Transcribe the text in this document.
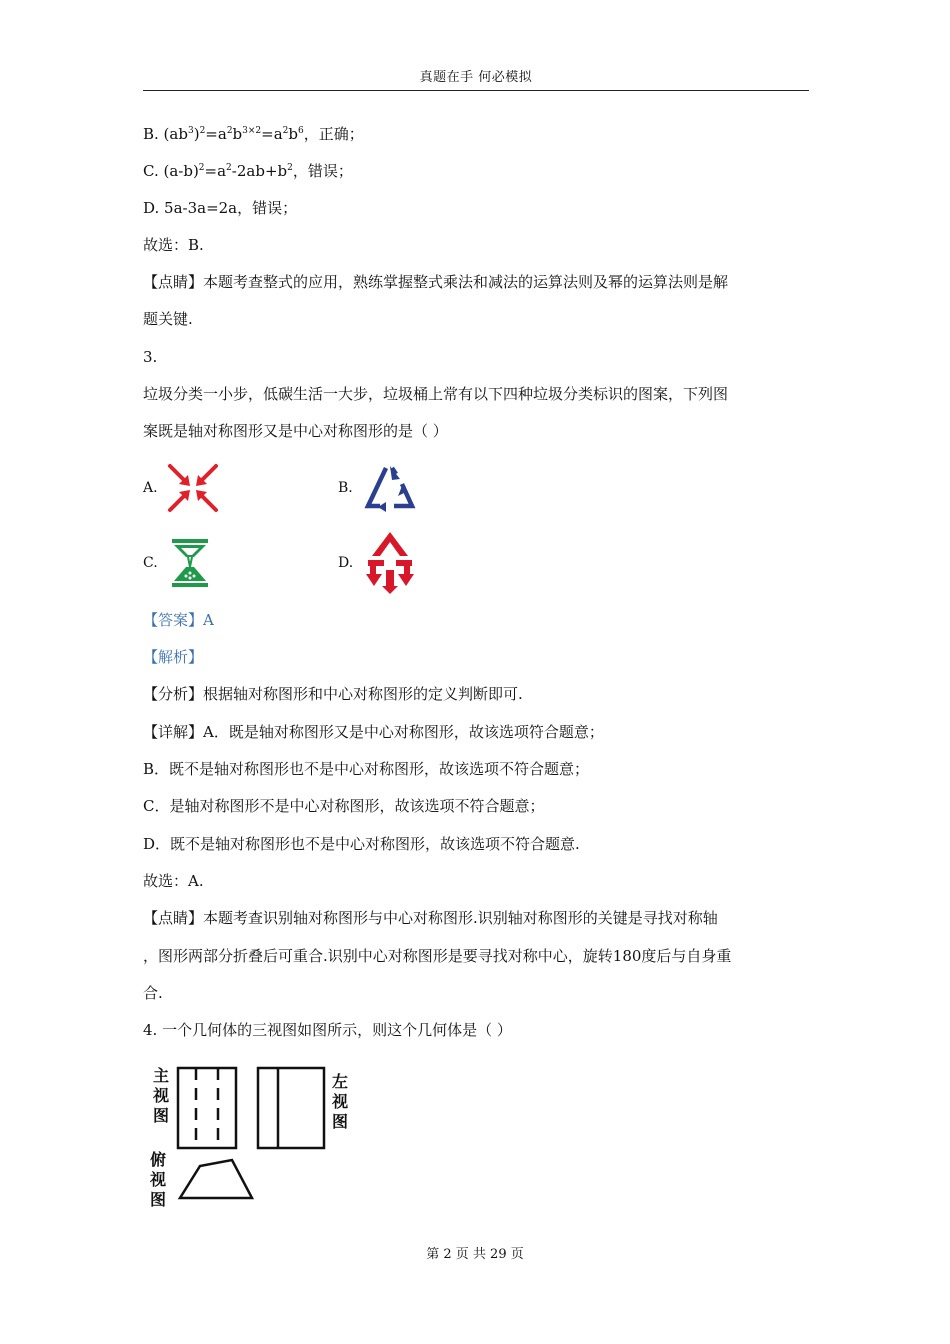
真题在手 何必模拟
B. $(ab^3)^2=a^2b^{3\times 2}=a^2b^6$，正确；
C. $(a-b)^2=a^2-2ab+b^2$，错误；
D. 5a-3a=2a，错误；
故选：B.
【点睛】本题考查整式的应用，熟练掌握整式乘法和减法的运算法则及幂的运算法则是解
题关键.
3.
垃圾分类一小步，低碳生活一大步，垃圾桶上常有以下四种垃圾分类标识的图案，下列图
案既是轴对称图形又是中心对称图形的是（ ）
A.	B.
C.	D.
【答案】A
【解析】
【分析】根据轴对称图形和中心对称图形的定义判断即可.
【详解】A．既是轴对称图形又是中心对称图形，故该选项符合题意；
B．既不是轴对称图形也不是中心对称图形，故该选项不符合题意；
C．是轴对称图形不是中心对称图形，故该选项不符合题意；
D．既不是轴对称图形也不是中心对称图形，故该选项不符合题意.
故选：A.
【点睛】本题考查识别轴对称图形与中心对称图形.识别轴对称图形的关键是寻找对称轴
，图形两部分折叠后可重合.识别中心对称图形是要寻找对称中心，旋转180度后与自身重
合.
4. 一个几何体的三视图如图所示，则这个几何体是（ ）
主视图
左视图
俯视图
第 2 页 共 29 页
